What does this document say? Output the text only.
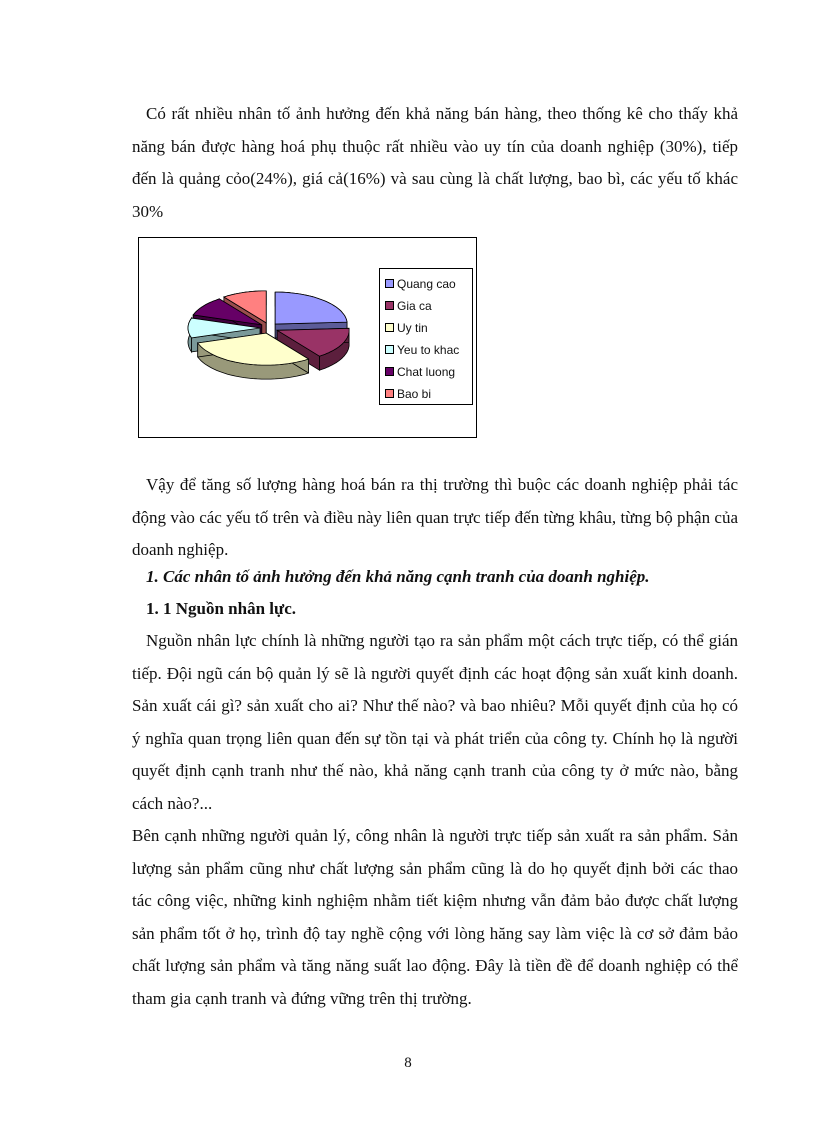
Có rất nhiều nhân tố ảnh hưởng đến khả năng bán hàng, theo thống kê cho thấy khả năng bán được hàng hoá phụ thuộc rất nhiều vào uy tín của doanh nghiệp (30%), tiếp đến là quảng cỏo(24%), giá cả(16%) và sau cùng là chất lượng, bao bì, các yếu tố khác 30%

Quang cao
Gia ca
Uy tin
Yeu to khac
Chat luong
Bao bi

Vậy để tăng số lượng hàng hoá bán ra thị trường thì buộc các doanh nghiệp phải tác động vào các yếu tố trên và điều này liên quan trực tiếp đến từng khâu, từng bộ phận của doanh nghiệp.

1. Các nhân tố ảnh hưởng đến khả năng cạnh tranh của doanh nghiệp.

1. 1 Nguồn nhân lực.

Nguồn nhân lực chính là những người tạo ra sản phẩm một cách trực tiếp, có thể gián tiếp. Đội ngũ cán bộ quản lý sẽ là người quyết định các hoạt động sản xuất kinh doanh. Sản xuất cái gì? sản xuất cho ai? Như thế nào? và bao nhiêu? Mỗi quyết định của họ có ý nghĩa quan trọng liên quan đến sự tồn tại và phát triển của công ty. Chính họ là người quyết định cạnh tranh như thế nào, khả năng cạnh tranh của công ty ở mức nào, bằng cách nào?...

Bên cạnh những người quản lý, công nhân là người trực tiếp sản xuất ra sản phẩm. Sản lượng sản phẩm cũng như chất lượng sản phẩm cũng là do họ quyết định bởi các thao tác công việc, những kinh nghiệm nhằm tiết kiệm nhưng vẫn đảm bảo được chất lượng sản phẩm tốt ở họ, trình độ tay nghề cộng với lòng hăng say làm việc là cơ sở đảm bảo chất lượng sản phẩm và tăng năng suất lao động. Đây là tiền đề để doanh nghiệp có thể tham gia cạnh tranh và đứng vững trên thị trường.

8
